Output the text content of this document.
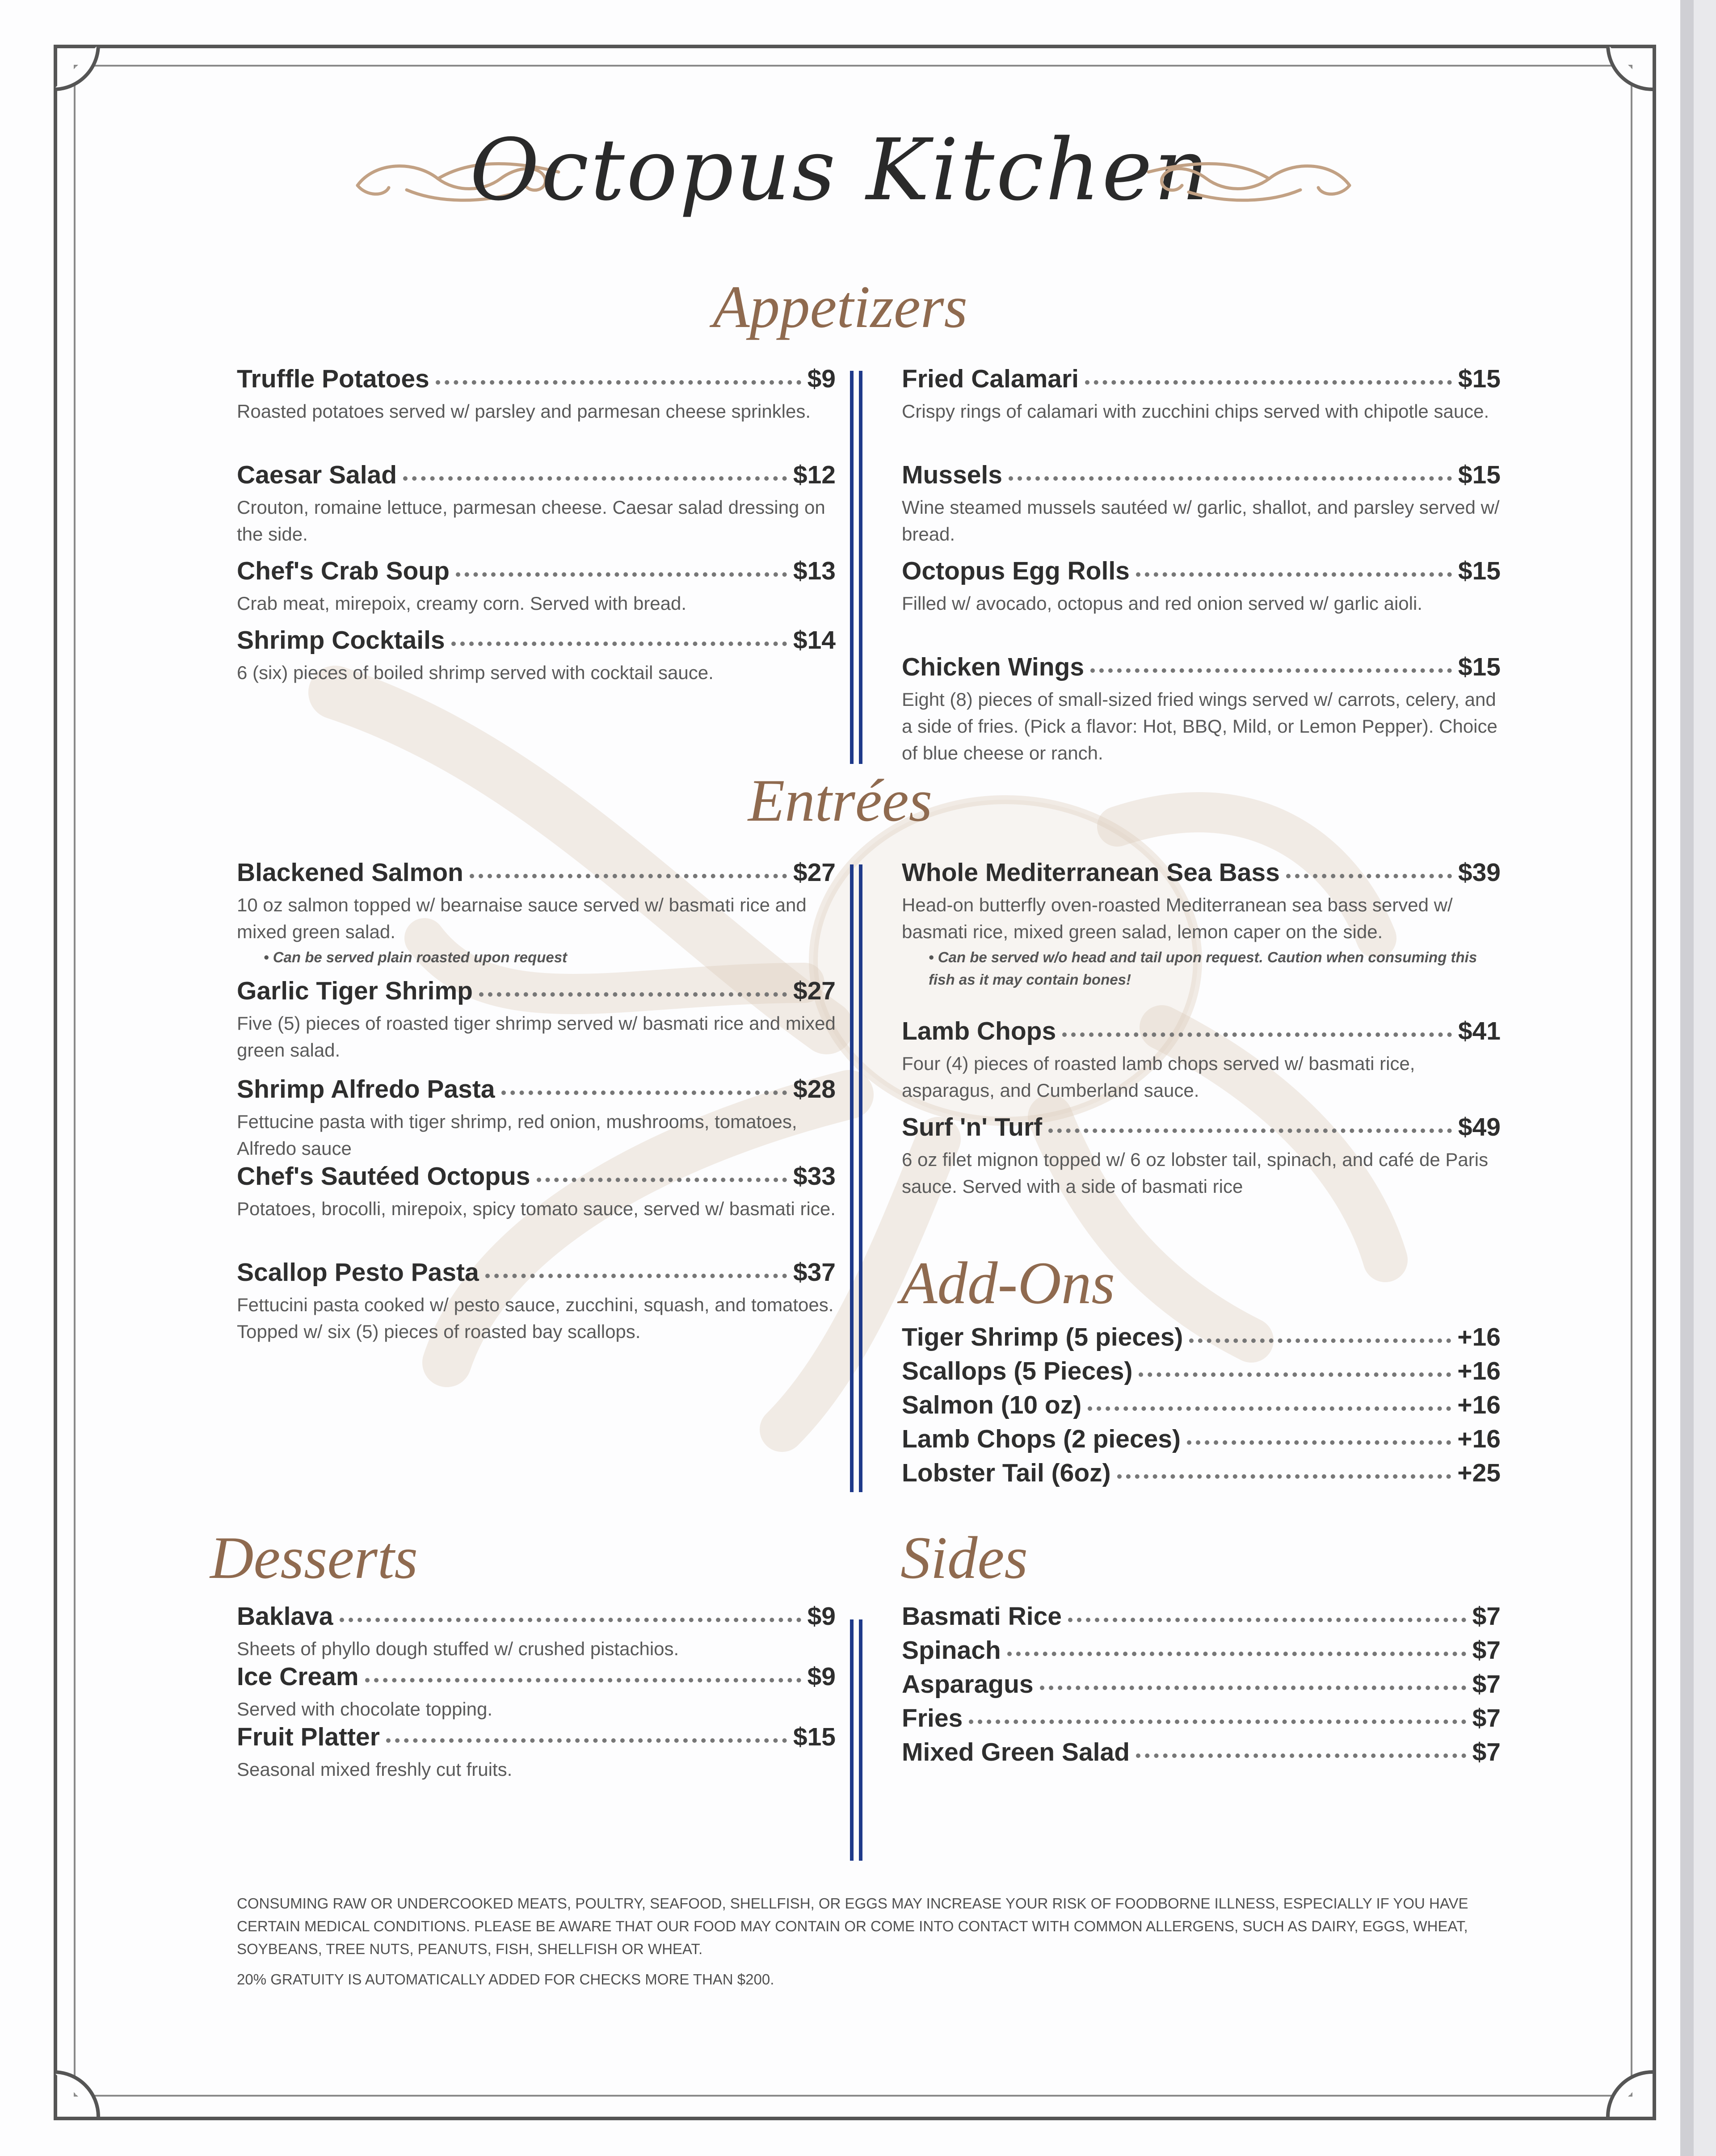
Octopus Kitchen
Appetizers
Entrées
Add-Ons
Desserts	Sides
Truffle Potatoes	$9
Roasted potatoes served w/ parsley and parmesan cheese sprinkles.
Caesar Salad	$12
Crouton, romaine lettuce, parmesan cheese. Caesar salad dressing on the side.
Chef's Crab Soup	$13
Crab meat, mirepoix, creamy corn. Served with bread.
Shrimp Cocktails	$14
6 (six) pieces of boiled shrimp served with cocktail sauce.
Fried Calamari	$15
Crispy rings of calamari with zucchini chips served with chipotle sauce.
Mussels	$15
Wine steamed mussels sautéed w/ garlic, shallot, and parsley served w/ bread.
Octopus Egg Rolls	$15
Filled w/ avocado, octopus and red onion served w/ garlic aioli.
Chicken Wings	$15
Eight (8) pieces of small-sized fried wings served w/ carrots, celery, and a side of fries. (Pick a flavor: Hot, BBQ, Mild, or Lemon Pepper). Choice of blue cheese or ranch.
Blackened Salmon	$27
10 oz salmon topped w/ bearnaise sauce served w/ basmati rice and mixed green salad.
• Can be served plain roasted upon request
Garlic Tiger Shrimp	$27
Five (5) pieces of roasted tiger shrimp served w/ basmati rice and mixed green salad.
Shrimp Alfredo Pasta	$28
Fettucine pasta with tiger shrimp, red onion, mushrooms, tomatoes, Alfredo sauce
Chef's Sautéed Octopus	$33
Potatoes, brocolli, mirepoix, spicy tomato sauce, served w/ basmati rice.
Scallop Pesto Pasta	$37
Fettucini pasta cooked w/ pesto sauce, zucchini, squash, and tomatoes. Topped w/ six (5) pieces of roasted bay scallops.
Whole Mediterranean Sea Bass	$39
Head-on butterfly oven-roasted Mediterranean sea bass served w/ basmati rice, mixed green salad, lemon caper on the side.
• Can be served w/o head and tail upon request. Caution when consuming this fish as it may contain bones!
Lamb Chops	$41
Four (4) pieces of roasted lamb chops served w/ basmati rice, asparagus, and Cumberland sauce.
Surf 'n' Turf	$49
6 oz filet mignon topped w/ 6 oz lobster tail, spinach, and café de Paris sauce. Served with a side of basmati rice
Tiger Shrimp (5 pieces)	+16
Scallops (5 Pieces)	+16
Salmon (10 oz)	+16
Lamb Chops (2 pieces)	+16
Lobster Tail (6oz)	+25
Baklava	$9
Sheets of phyllo dough stuffed w/ crushed pistachios.
Ice Cream	$9
Served with chocolate topping.
Fruit Platter	$15
Seasonal mixed freshly cut fruits.
Basmati Rice	$7
Spinach	$7
Asparagus	$7
Fries	$7
Mixed Green Salad	$7
CONSUMING RAW OR UNDERCOOKED MEATS, POULTRY, SEAFOOD, SHELLFISH, OR EGGS MAY INCREASE YOUR RISK OF FOODBORNE ILLNESS, ESPECIALLY IF YOU HAVE CERTAIN MEDICAL CONDITIONS. PLEASE BE AWARE THAT OUR FOOD MAY CONTAIN OR COME INTO CONTACT WITH COMMON ALLERGENS, SUCH AS DAIRY, EGGS, WHEAT, SOYBEANS, TREE NUTS, PEANUTS, FISH, SHELLFISH OR WHEAT.
20% GRATUITY IS AUTOMATICALLY ADDED FOR CHECKS MORE THAN $200.
